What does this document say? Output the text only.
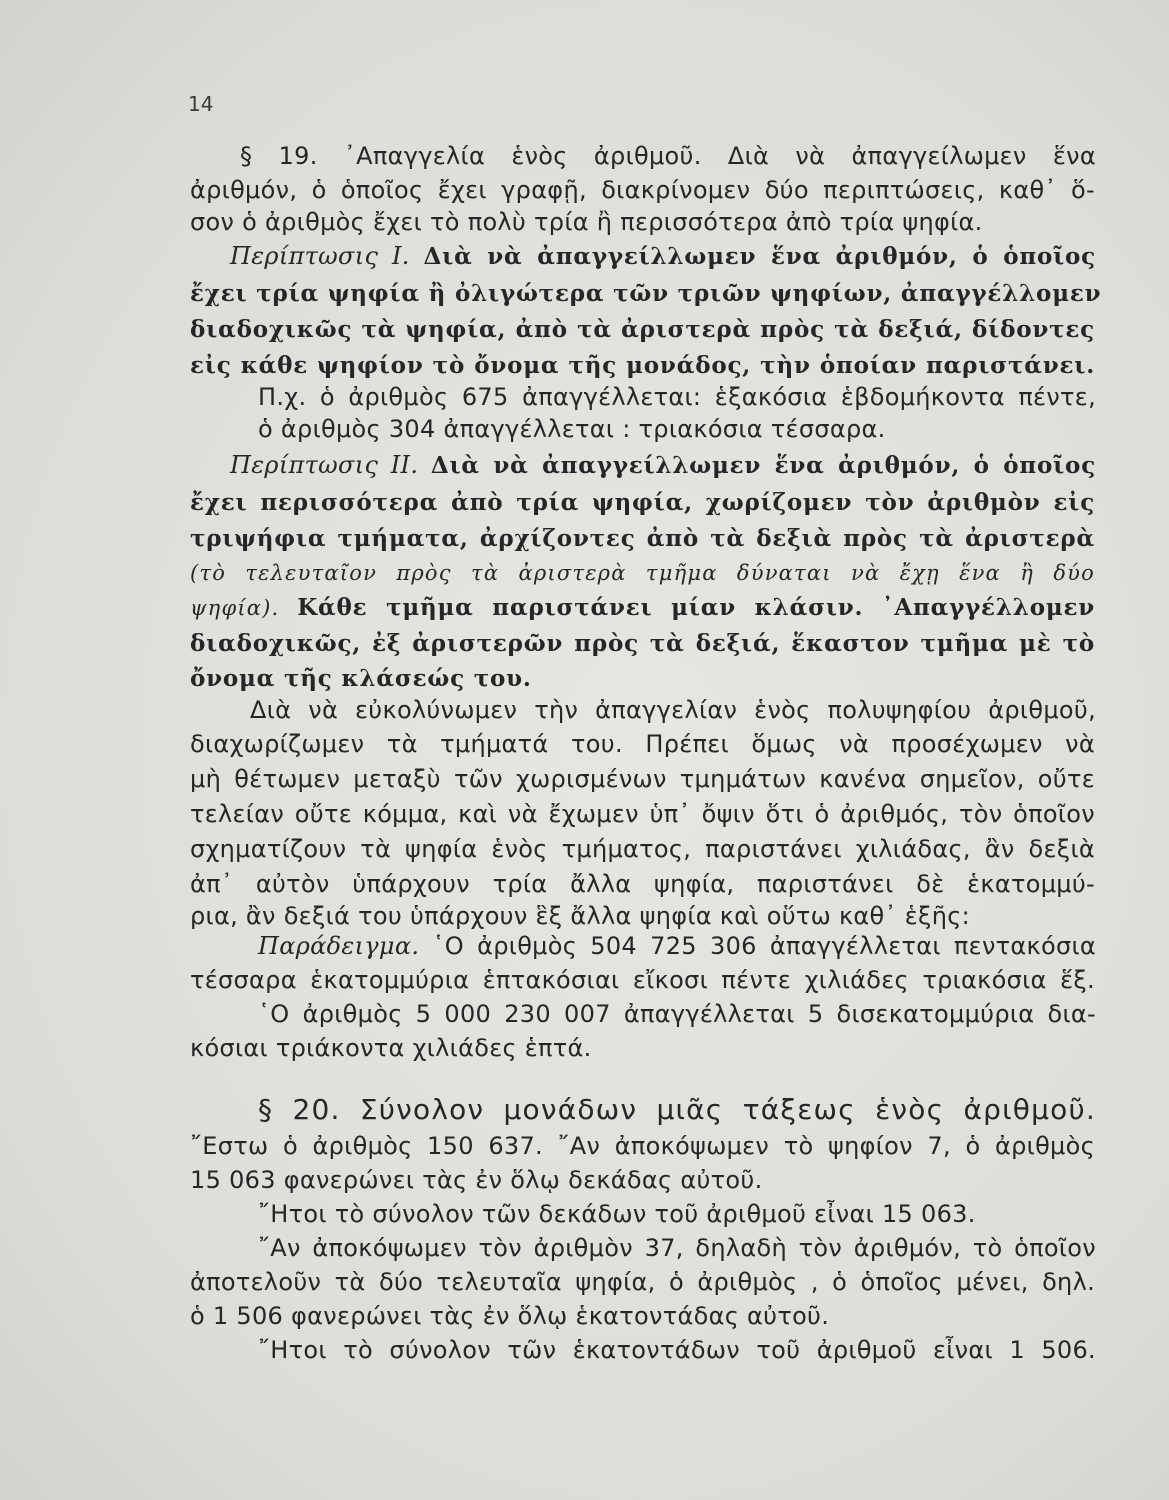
14
§ 19. ᾿Απαγγελία ἑνὸς ἀριθμοῦ. Διὰ νὰ ἀπαγγείλωμεν ἕνα
ἀριθμόν, ὁ ὁποῖος ἔχει γραφῇ, διακρίνομεν δύο περιπτώσεις, καθ᾿ ὅ-
σον ὁ ἀριθμὸς ἔχει τὸ πολὺ τρία ἢ περισσότερα ἀπὸ τρία ψηφία.
Περίπτωσις Ι. Διὰ νὰ ἀπαγγείλλωμεν ἕνα ἀριθμόν, ὁ ὁποῖος
ἔχει τρία ψηφία ἢ ὀλιγώτερα τῶν τριῶν ψηφίων, ἀπαγγέλλομεν
διαδοχικῶς τὰ ψηφία, ἀπὸ τὰ ἀριστερὰ πρὸς τὰ δεξιά, δίδοντες
εἰς κάθε ψηφίον τὸ ὄνομα τῆς μονάδος, τὴν ὁποίαν παριστάνει.
Π.χ. ὁ ἀριθμὸς 675 ἀπαγγέλλεται: ἑξακόσια ἑβδομήκοντα πέντε,
ὁ ἀριθμὸς 304 ἀπαγγέλλεται : τριακόσια τέσσαρα.
Περίπτωσις ΙΙ. Διὰ νὰ ἀπαγγείλλωμεν ἕνα ἀριθμόν, ὁ ὁποῖος
ἔχει περισσότερα ἀπὸ τρία ψηφία, χωρίζομεν τὸν ἀριθμὸν εἰς
τριψήφια τμήματα, ἀρχίζοντες ἀπὸ τὰ δεξιὰ πρὸς τὰ ἀριστερὰ
(τὸ τελευταῖον πρὸς τὰ ἀριστερὰ τμῆμα δύναται νὰ ἔχῃ ἕνα ἢ δύο
ψηφία). Κάθε τμῆμα παριστάνει μίαν κλάσιν. ᾿Απαγγέλλομεν
διαδοχικῶς, ἐξ ἀριστερῶν πρὸς τὰ δεξιά, ἕκαστον τμῆμα μὲ τὸ
ὄνομα τῆς κλάσεώς του.
Διὰ νὰ εὐκολύνωμεν τὴν ἀπαγγελίαν ἑνὸς πολυψηφίου ἀριθμοῦ,
διαχωρίζωμεν τὰ τμήματά του. Πρέπει ὅμως νὰ προσέχωμεν νὰ
μὴ θέτωμεν μεταξὺ τῶν χωρισμένων τμημάτων κανένα σημεῖον, οὔτε
τελείαν οὔτε κόμμα, καὶ νὰ ἔχωμεν ὑπ᾿ ὄψιν ὅτι ὁ ἀριθμός, τὸν ὁποῖον
σχηματίζουν τὰ ψηφία ἑνὸς τμήματος, παριστάνει χιλιάδας, ἂν δεξιὰ
ἀπ᾿ αὐτὸν ὑπάρχουν τρία ἄλλα ψηφία, παριστάνει δὲ ἑκατομμύ-
ρια, ἂν δεξιά του ὑπάρχουν ἓξ ἄλλα ψηφία καὶ οὕτω καθ᾿ ἑξῆς:
Παράδειγμα. ῾Ο ἀριθμὸς 504 725 306 ἀπαγγέλλεται πεντακόσια
τέσσαρα ἑκατομμύρια ἑπτακόσιαι εἴκοσι πέντε χιλιάδες τριακόσια ἕξ.
῾Ο ἀριθμὸς 5 000 230 007 ἀπαγγέλλεται 5 δισεκατομμύρια δια-
κόσιαι τριάκοντα χιλιάδες ἑπτά.
§ 20. Σύνολον μονάδων μιᾶς τάξεως ἑνὸς ἀριθμοῦ.
῎Εστω ὁ ἀριθμὸς 150 637. ῎Αν ἀποκόψωμεν τὸ ψηφίον 7, ὁ ἀριθμὸς
15 063 φανερώνει τὰς ἐν ὅλῳ δεκάδας αὐτοῦ.
῎Ητοι τὸ σύνολον τῶν δεκάδων τοῦ ἀριθμοῦ εἶναι 15 063.
῎Αν ἀποκόψωμεν τὸν ἀριθμὸν 37, δηλαδὴ τὸν ἀριθμόν, τὸ ὁποῖον
ἀποτελοῦν τὰ δύο τελευταῖα ψηφία, ὁ ἀριθμὸς , ὁ ὁποῖος μένει, δηλ.
ὁ 1 506 φανερώνει τὰς ἐν ὅλῳ ἑκατοντάδας αὐτοῦ.
῎Ητοι τὸ σύνολον τῶν ἑκατοντάδων τοῦ ἀριθμοῦ εἶναι 1 506.
